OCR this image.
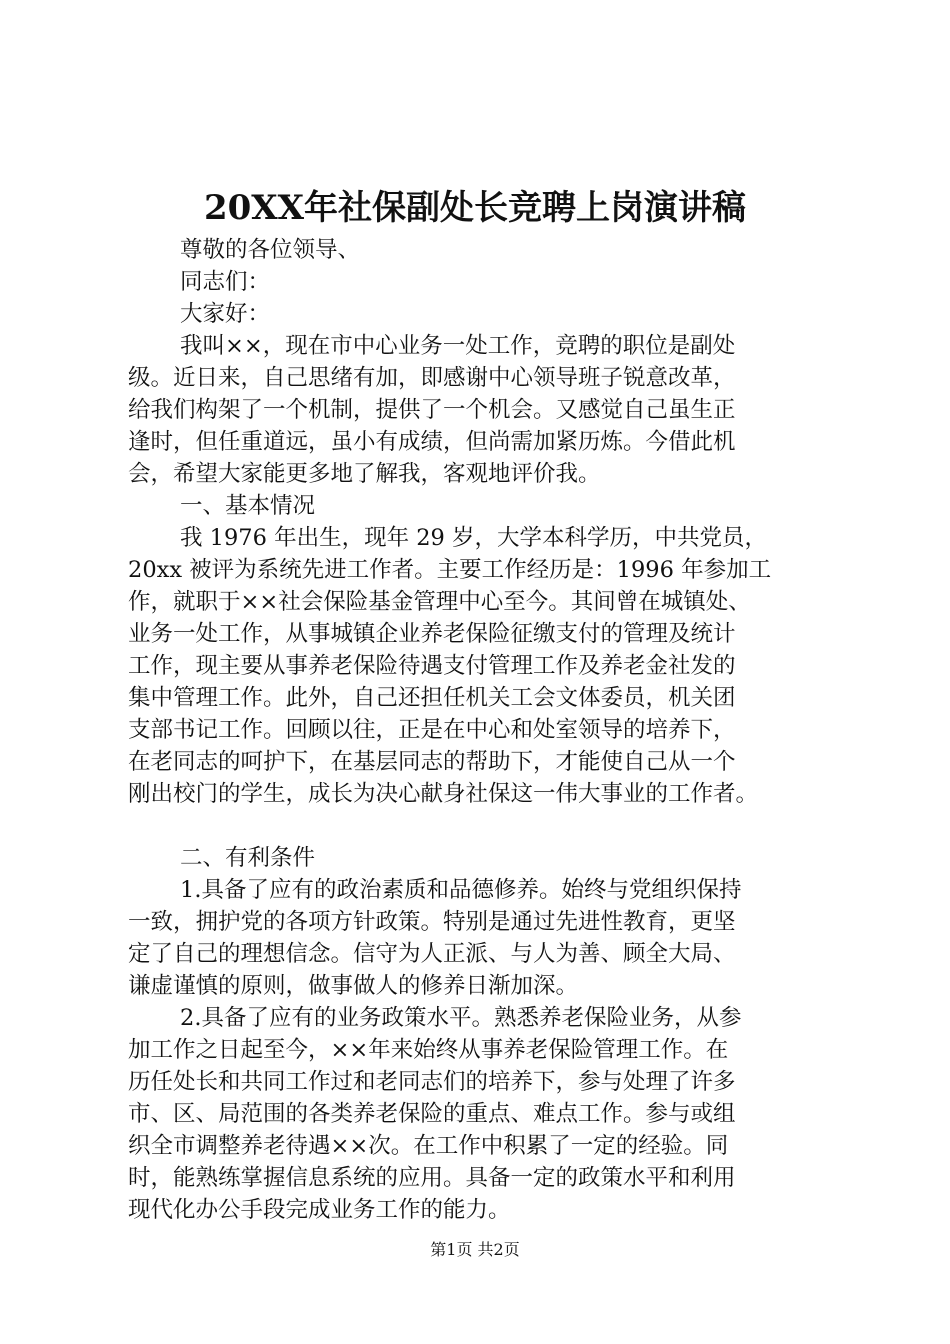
20XX年社保副处长竞聘上岗演讲稿
尊敬的各位领导、
同志们：
大家好：
我叫××，现在市中心业务一处工作，竞聘的职位是副处
级。近日来，自己思绪有加，即感谢中心领导班子锐意改革，
给我们构架了一个机制，提供了一个机会。又感觉自己虽生正
逢时，但任重道远，虽小有成绩，但尚需加紧历炼。今借此机
会，希望大家能更多地了解我，客观地评价我。
一、基本情况
我 1976 年出生，现年 29 岁，大学本科学历，中共党员，
20xx 被评为系统先进工作者。主要工作经历是：1996 年参加工
作，就职于××社会保险基金管理中心至今。其间曾在城镇处、
业务一处工作，从事城镇企业养老保险征缴支付的管理及统计
工作，现主要从事养老保险待遇支付管理工作及养老金社发的
集中管理工作。此外，自己还担任机关工会文体委员，机关团
支部书记工作。回顾以往，正是在中心和处室领导的培养下，
在老同志的呵护下，在基层同志的帮助下，才能使自己从一个
刚出校门的学生，成长为决心献身社保这一伟大事业的工作者。
二、有利条件
1.具备了应有的政治素质和品德修养。始终与党组织保持
一致，拥护党的各项方针政策。特别是通过先进性教育，更坚
定了自己的理想信念。信守为人正派、与人为善、顾全大局、
谦虚谨慎的原则，做事做人的修养日渐加深。
2.具备了应有的业务政策水平。熟悉养老保险业务，从参
加工作之日起至今，××年来始终从事养老保险管理工作。在
历任处长和共同工作过和老同志们的培养下，参与处理了许多
市、区、局范围的各类养老保险的重点、难点工作。参与或组
织全市调整养老待遇××次。在工作中积累了一定的经验。同
时，能熟练掌握信息系统的应用。具备一定的政策水平和利用
现代化办公手段完成业务工作的能力。
第1页 共2页
